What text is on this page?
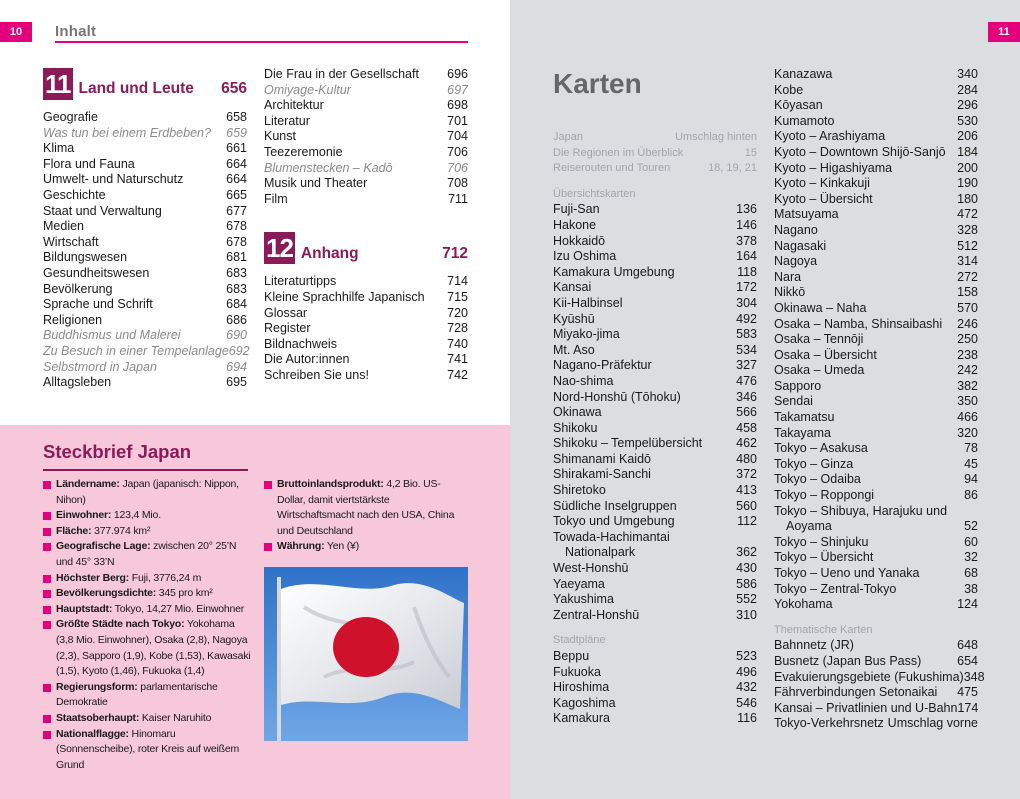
10	Inhalt
11 Land und Leute	656
Geografie	658
Was tun bei einem Erdbeben? 659
Klima	661
Flora und Fauna	664
Umwelt- und Naturschutz	664
Geschichte	665
Staat und Verwaltung	677
Medien	678
Wirtschaft	678
Bildungswesen	681
Gesundheitswesen	683
Bevölkerung	683
Sprache und Schrift	684
Religionen	686
Buddhismus und Malerei	690
Zu Besuch in einer Tempelanlage 692
Selbstmord in Japan	694
Alltagsleben	695
Die Frau in der Gesellschaft 696
Omiyage-Kultur	697
Architektur	698
Literatur	701
Kunst	704
Teezeremonie	706
Blumenstecken – Kadō	706
Musik und Theater	708
Film	711
12 Anhang	712
Literaturtipps	714
Kleine Sprachhilfe Japanisch 715
Glossar	720
Register	728
Bildnachweis	740
Die Autor:innen	741
Schreiben Sie uns!	742
Steckbrief Japan
Ländername: Japan (japanisch: Nippon, Nihon)
Einwohner: 123,4 Mio.
Fläche: 377.974 km²
Geografische Lage: zwischen 20° 25’N und 45° 33’N
Höchster Berg: Fuji, 3776,24 m
Bevölkerungsdichte: 345 pro km²
Hauptstadt: Tokyo, 14,27 Mio. Einwohner
Größte Städte nach Tokyo: Yokohama (3,8 Mio. Einwohner), Osaka (2,8), Nagoya (2,3), Sapporo (1,9), Kobe (1,53), Kawasaki (1,5), Kyoto (1,46), Fukuoka (1,4)
Regierungsform: parlamentarische Demokratie
Staatsoberhaupt: Kaiser Naruhito
Nationalflagge: Hinomaru (Sonnenscheibe), roter Kreis auf weißem Grund
Bruttoinlandsprodukt: 4,2 Bio. US-Dollar, damit viertstärkste Wirtschaftsmacht nach den USA, China und Deutschland
Währung: Yen (¥)
11
Karten
Japan	Umschlag hinten
Die Regionen im Überblick	15
Reiserouten und Touren	18, 19, 21
Übersichtskarten
Fuji-San	136
Hakone	146
Hokkaidō	378
Izu Oshima	164
Kamakura Umgebung	118
Kansai	172
Kii-Halbinsel	304
Kyūshū	492
Miyako-jima	583
Mt. Aso	534
Nagano-Präfektur	327
Nao-shima	476
Nord-Honshū (Tōhoku)	346
Okinawa	566
Shikoku	458
Shikoku – Tempelübersicht	462
Shimanami Kaidō	480
Shirakami-Sanchi	372
Shiretoko	413
Südliche Inselgruppen	560
Tokyo und Umgebung	112
Towada-Hachimantai
Nationalpark	362
West-Honshū	430
Yaeyama	586
Yakushima	552
Zentral-Honshū	310
Stadtpläne
Beppu	523
Fukuoka	496
Hiroshima	432
Kagoshima	546
Kamakura	116
Kanazawa	340
Kobe	284
Kōyasan	296
Kumamoto	530
Kyoto – Arashiyama	206
Kyoto – Downtown Shijō-Sanjō 184
Kyoto – Higashiyama	200
Kyoto – Kinkakuji	190
Kyoto – Übersicht	180
Matsuyama	472
Nagano	328
Nagasaki	512
Nagoya	314
Nara	272
Nikkō	158
Okinawa – Naha	570
Osaka – Namba, Shinsaibashi 246
Osaka – Tennōji	250
Osaka – Übersicht	238
Osaka – Umeda	242
Sapporo	382
Sendai	350
Takamatsu	466
Takayama	320
Tokyo – Asakusa	78
Tokyo – Ginza	45
Tokyo – Odaiba	94
Tokyo – Roppongi	86
Tokyo – Shibuya, Harajuku und
Aoyama	52
Tokyo – Shinjuku	60
Tokyo – Übersicht	32
Tokyo – Ueno und Yanaka	68
Tokyo – Zentral-Tokyo	38
Yokohama	124
Thematische Karten
Bahnnetz (JR)	648
Busnetz (Japan Bus Pass)	654
Evakuierungsgebiete (Fukushima) 348
Fährverbindungen Setonaikai 475
Kansai – Privatlinien und U-Bahn 174
Tokyo-Verkehrsnetz Umschlag vorne
